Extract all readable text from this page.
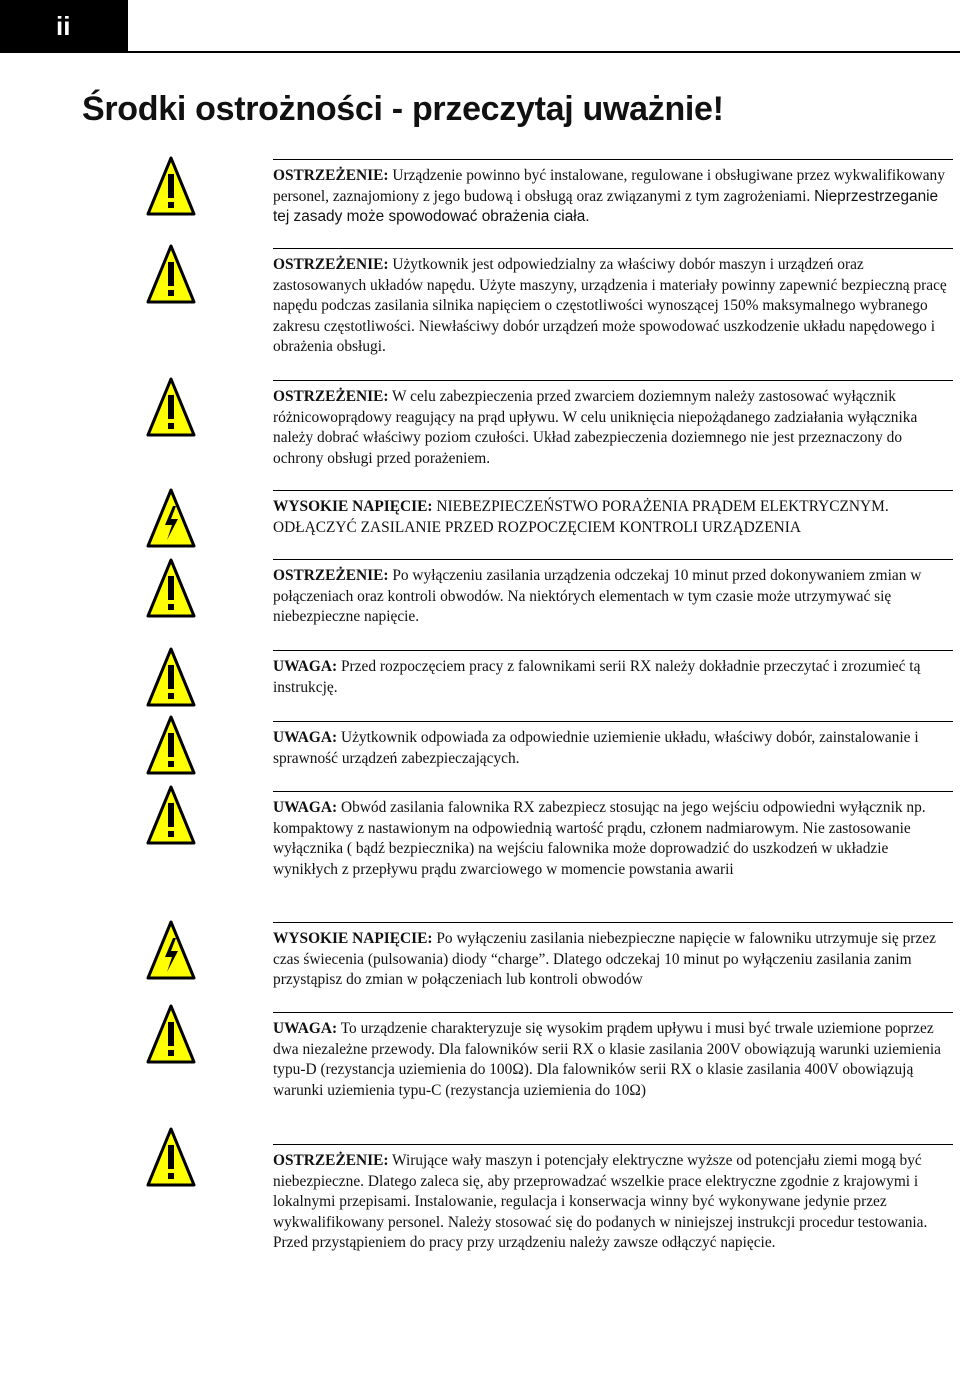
ii
Środki ostrożności - przeczytaj uważnie!
OSTRZEŻENIE: Urządzenie powinno być instalowane, regulowane i obsługiwane przez wykwalifikowany personel, zaznajomiony z jego budową i obsługą oraz związanymi z tym zagrożeniami. Nieprzestrzeganie tej zasady może spowodować obrażenia ciała.
OSTRZEŻENIE: Użytkownik jest odpowiedzialny za właściwy dobór maszyn i urządzeń oraz zastosowanych układów napędu. Użyte maszyny, urządzenia i materiały powinny zapewnić bezpieczną pracę napędu podczas zasilania silnika napięciem o częstotliwości wynoszącej 150% maksymalnego wybranego zakresu częstotliwości. Niewłaściwy dobór urządzeń może spowodować uszkodzenie układu napędowego i obrażenia obsługi.
OSTRZEŻENIE: W celu zabezpieczenia przed zwarciem doziemnym należy zastosować wyłącznik różnicowoprądowy reagujący na prąd upływu. W celu uniknięcia niepożądanego zadziałania wyłącznika należy dobrać właściwy poziom czułości. Układ zabezpieczenia doziemnego nie jest przeznaczony do ochrony obsługi przed porażeniem.
WYSOKIE NAPIĘCIE: NIEBEZPIECZEŃSTWO PORAŻENIA PRĄDEM ELEKTRYCZNYM. ODŁĄCZYĆ ZASILANIE PRZED ROZPOCZĘCIEM KONTROLI URZĄDZENIA
OSTRZEŻENIE: Po wyłączeniu zasilania urządzenia odczekaj 10 minut przed dokonywaniem zmian w połączeniach oraz kontroli obwodów. Na niektórych elementach w tym czasie może utrzymywać się niebezpieczne napięcie.
UWAGA: Przed rozpoczęciem pracy z falownikami serii RX należy dokładnie przeczytać i zrozumieć tą instrukcję.
UWAGA: Użytkownik odpowiada za odpowiednie uziemienie układu, właściwy dobór, zainstalowanie i sprawność urządzeń zabezpieczających.
UWAGA: Obwód zasilania falownika RX zabezpiecz stosując na jego wejściu odpowiedni wyłącznik np. kompaktowy z nastawionym na odpowiednią wartość prądu, członem nadmiarowym. Nie zastosowanie wyłącznika ( bądź bezpiecznika) na wejściu falownika może doprowadzić do uszkodzeń w układzie wynikłych z przepływu prądu zwarciowego w momencie powstania awarii
WYSOKIE NAPIĘCIE: Po wyłączeniu zasilania niebezpieczne napięcie w falowniku utrzymuje się przez czas świecenia (pulsowania) diody “charge”. Dlatego odczekaj 10 minut po wyłączeniu zasilania zanim przystąpisz do zmian w połączeniach lub kontroli obwodów
UWAGA: To urządzenie charakteryzuje się wysokim prądem upływu i musi być trwale uziemione poprzez dwa niezależne przewody. Dla falowników serii RX o klasie zasilania 200V obowiązują warunki uziemienia typu-D (rezystancja uziemienia do 100Ω). Dla falowników serii RX o klasie zasilania 400V obowiązują warunki uziemienia typu-C (rezystancja uziemienia do 10Ω)
OSTRZEŻENIE: Wirujące wały maszyn i potencjały elektryczne wyższe od potencjału ziemi mogą być niebezpieczne. Dlatego zaleca się, aby przeprowadzać wszelkie prace elektryczne zgodnie z krajowymi i lokalnymi przepisami. Instalowanie, regulacja i konserwacja winny być wykonywane jedynie przez wykwalifikowany personel. Należy stosować się do podanych w niniejszej instrukcji procedur testowania. Przed przystąpieniem do pracy przy urządzeniu należy zawsze odłączyć napięcie.
